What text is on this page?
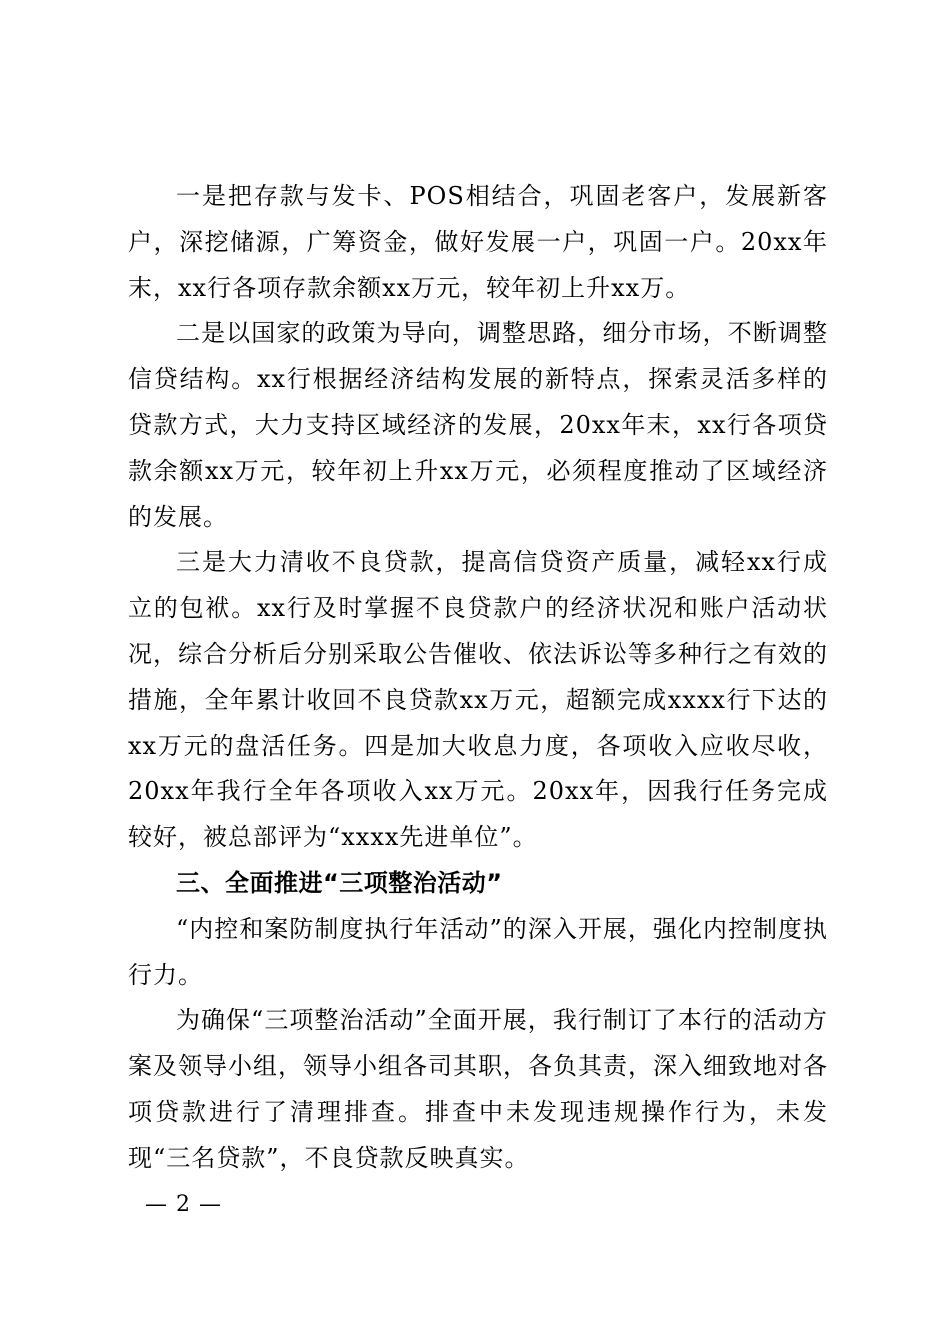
一是把存款与发卡、POS相结合，巩固老客户，发展新客户，深挖储源，广筹资金，做好发展一户，巩固一户。20xx年末，xx行各项存款余额xx万元，较年初上升xx万。

二是以国家的政策为导向，调整思路，细分市场，不断调整信贷结构。xx行根据经济结构发展的新特点，探索灵活多样的贷款方式，大力支持区域经济的发展，20xx年末，xx行各项贷款余额xx万元，较年初上升xx万元，必须程度推动了区域经济的发展。

三是大力清收不良贷款，提高信贷资产质量，减轻xx行成立的包袱。xx行及时掌握不良贷款户的经济状况和账户活动状况，综合分析后分别采取公告催收、依法诉讼等多种行之有效的措施，全年累计收回不良贷款xx万元，超额完成xxxx行下达的xx万元的盘活任务。四是加大收息力度，各项收入应收尽收，20xx年我行全年各项收入xx万元。20xx年，因我行任务完成较好，被总部评为“xxxx先进单位”。

三、全面推进“三项整治活动”

“内控和案防制度执行年活动”的深入开展，强化内控制度执行力。

为确保“三项整治活动”全面开展，我行制订了本行的活动方案及领导小组，领导小组各司其职，各负其责，深入细致地对各项贷款进行了清理排查。排查中未发现违规操作行为，未发现“三名贷款”，不良贷款反映真实。

— 2 —
